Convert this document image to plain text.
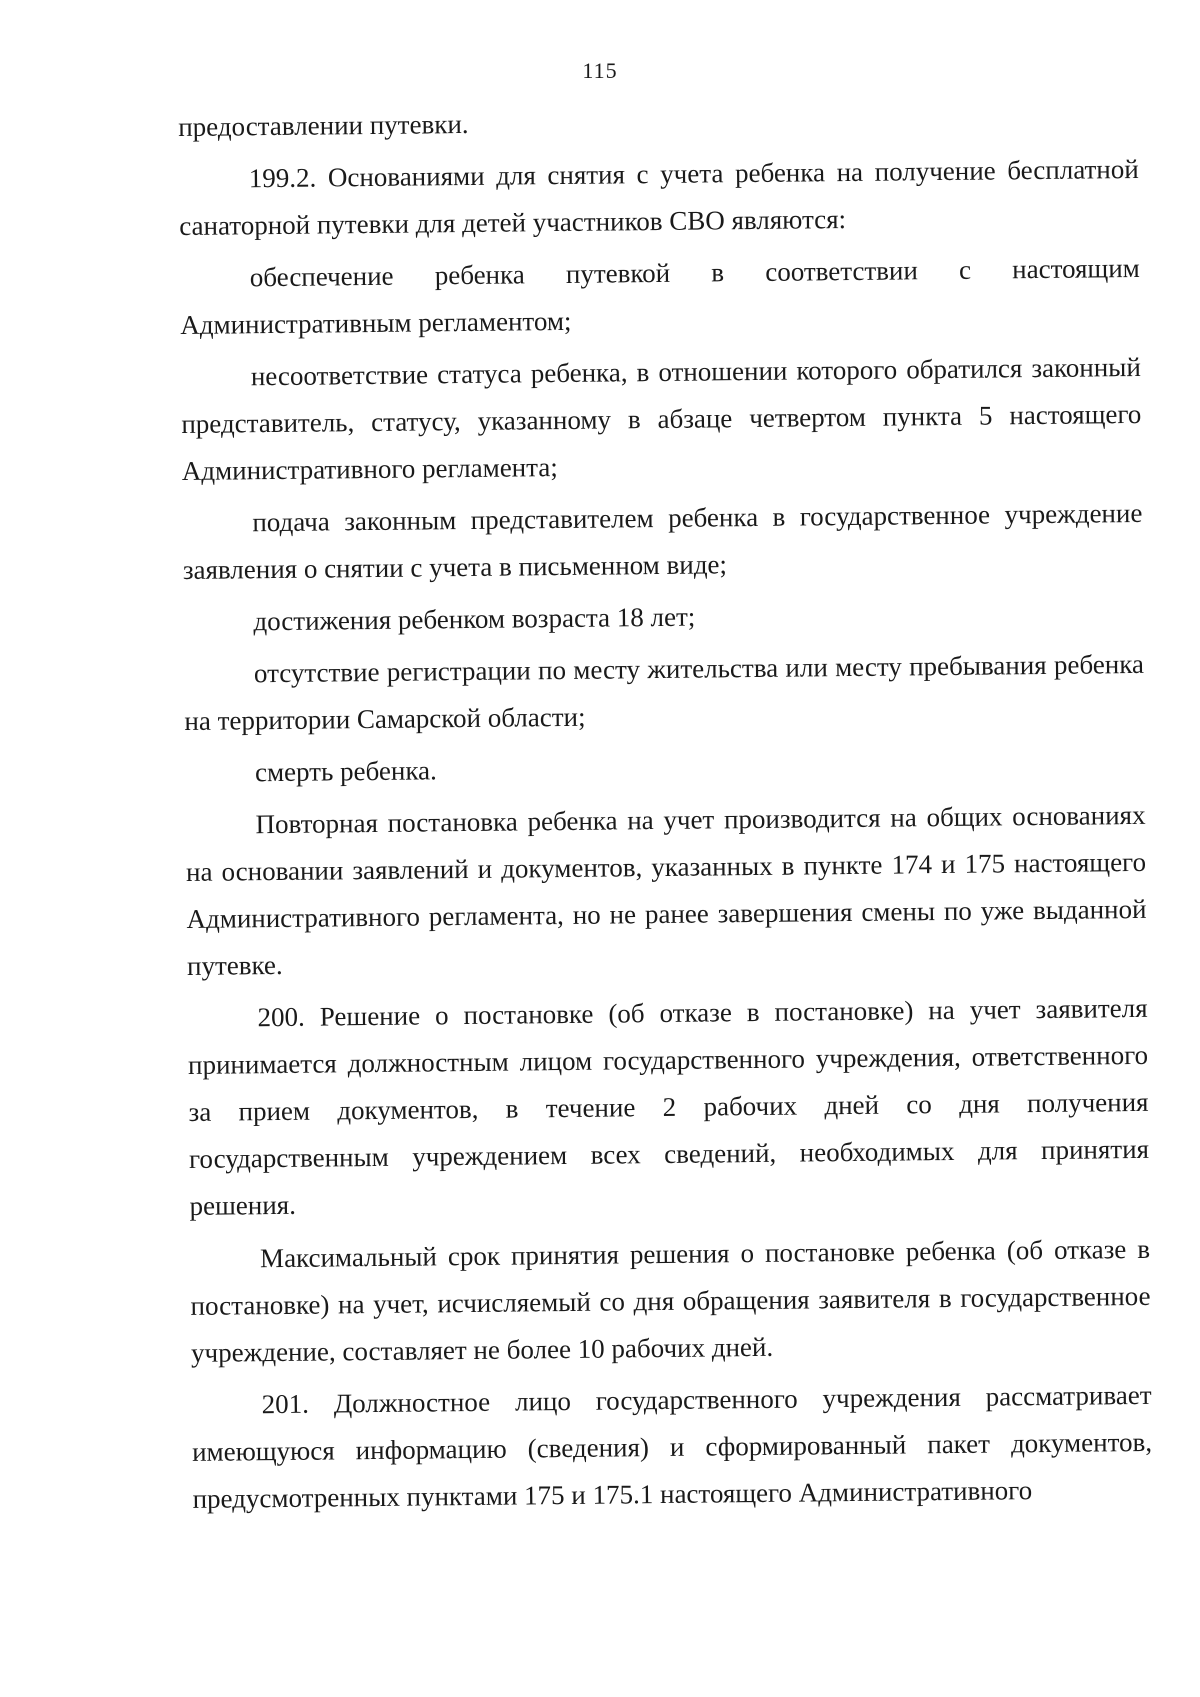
115

предоставлении путевки.

199.2. Основаниями для снятия с учета ребенка на получение бесплатной санаторной путевки для детей участников СВО являются:

обеспечение ребенка путевкой в соответствии с настоящим Административным регламентом;

несоответствие статуса ребенка, в отношении которого обратился законный представитель, статусу, указанному в абзаце четвертом пункта 5 настоящего Административного регламента;

подача законным представителем ребенка в государственное учреждение заявления о снятии с учета в письменном виде;

достижения ребенком возраста 18 лет;

отсутствие регистрации по месту жительства или месту пребывания ребенка на территории Самарской области;

смерть ребенка.

Повторная постановка ребенка на учет производится на общих основаниях на основании заявлений и документов, указанных в пункте 174 и 175 настоящего Административного регламента, но не ранее завершения смены по уже выданной путевке.

200. Решение о постановке (об отказе в постановке) на учет заявителя принимается должностным лицом государственного учреждения, ответственного за прием документов, в течение 2 рабочих дней со дня получения государственным учреждением всех сведений, необходимых для принятия решения.

Максимальный срок принятия решения о постановке ребенка (об отказе в постановке) на учет, исчисляемый со дня обращения заявителя в государственное учреждение, составляет не более 10 рабочих дней.

201. Должностное лицо государственного учреждения рассматривает имеющуюся информацию (сведения) и сформированный пакет документов, предусмотренных пунктами 175 и 175.1 настоящего Административного
